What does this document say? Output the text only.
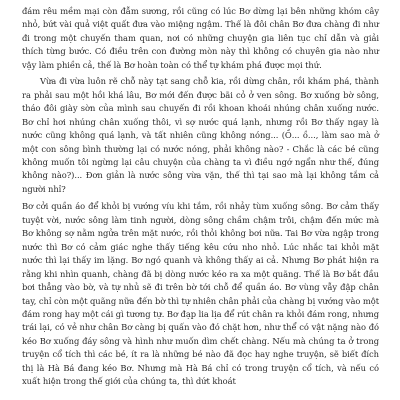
đám rêu mềm mại còn đẫm sương, rồi cũng có lúc Bơ dừng lại bên những khóm cây nhỏ, bứt vài quả việt quất đưa vào miệng ngậm. Thế là đôi chân Bơ đưa chàng đi như đi trong một chuyến tham quan, nơi có những chuyện gia liên tục chỉ dẫn và giải thích từng bước. Có điều trên con đường mòn này thì không có chuyên gia nào như vậy làm phiền cả, thế là Bơ hoàn toàn có thể tự khám phá được mọi thứ.

Vừa đi vừa luôn rẽ chỗ này tạt sang chỗ kia, rồi dừng chân, rồi khám phá, thành ra phải sau một hồi khá lâu, Bơ mới đến được bãi cỏ ở ven sông. Bơ xuống bờ sông, tháo đôi giày sờn của mình sau chuyến đi rồi khoan khoái nhúng chân xuống nước. Bơ chỉ hơi nhúng chân xuống thôi, vì sợ nước quá lạnh, nhưng rồi Bơ thấy ngay là nước cũng không quá lạnh, và tất nhiên cũng không nóng... (Ồ... ồ..., làm sao mà ở một con sông bình thường lại có nước nóng, phải không nào? - Chắc là các bé cũng không muốn tôi ngừng lại câu chuyện của chàng ta vì điều ngớ ngẩn như thế, đúng không nào?)... Đơn giản là nước sông vừa vặn, thế thì tại sao mà lại không tắm cả người nhỉ?

Bơ cởi quần áo để khỏi bị vướng víu khi tắm, rồi nhảy tùm xuống sông. Bơ cảm thấy tuyệt vời, nước sông làm tinh người, dòng sông chầm chậm trôi, chậm đến mức mà Bơ không sợ nằm ngửa trên mặt nước, rồi thỏi không bơi nữa. Tai Bơ vừa ngập trong nước thì Bơ có cảm giác nghe thấy tiếng kêu cứu nho nhỏ. Lúc nhắc tai khỏi mặt nước thì lại thấy im lặng. Bơ ngó quanh và không thấy ai cả. Nhưng Bơ phát hiện ra rằng khi nhìn quanh, chàng đã bị dòng nước kéo ra xa một quãng. Thế là Bơ bắt đầu bơi thẳng vào bờ, và tự nhủ sẽ đi trên bờ tới chỗ để quần áo. Bơ vùng vẫy đập chân tay, chỉ còn một quãng nữa đến bờ thì tự nhiên chân phải của chàng bị vướng vào một đám rong hay một cái gì tương tự. Bơ đạp lia lịa để rút chân ra khỏi đám rong, nhưng trái lại, có vẻ như chân Bơ càng bị quấn vào đó chặt hơn, như thể có vật nặng nào đó kéo Bơ xuống đáy sông và hình như muốn dìm chết chàng. Nếu mà chúng ta ở trong truyện cổ tích thì các bé, ít ra là những bé nào đã đọc hay nghe truyện, sẽ biết đích thị là Hà Bá đang kéo Bơ. Nhưng mà Hà Bá chỉ có trong truyện cổ tích, và nếu có xuất hiện trong thế giới của chúng ta, thì dứt khoát
